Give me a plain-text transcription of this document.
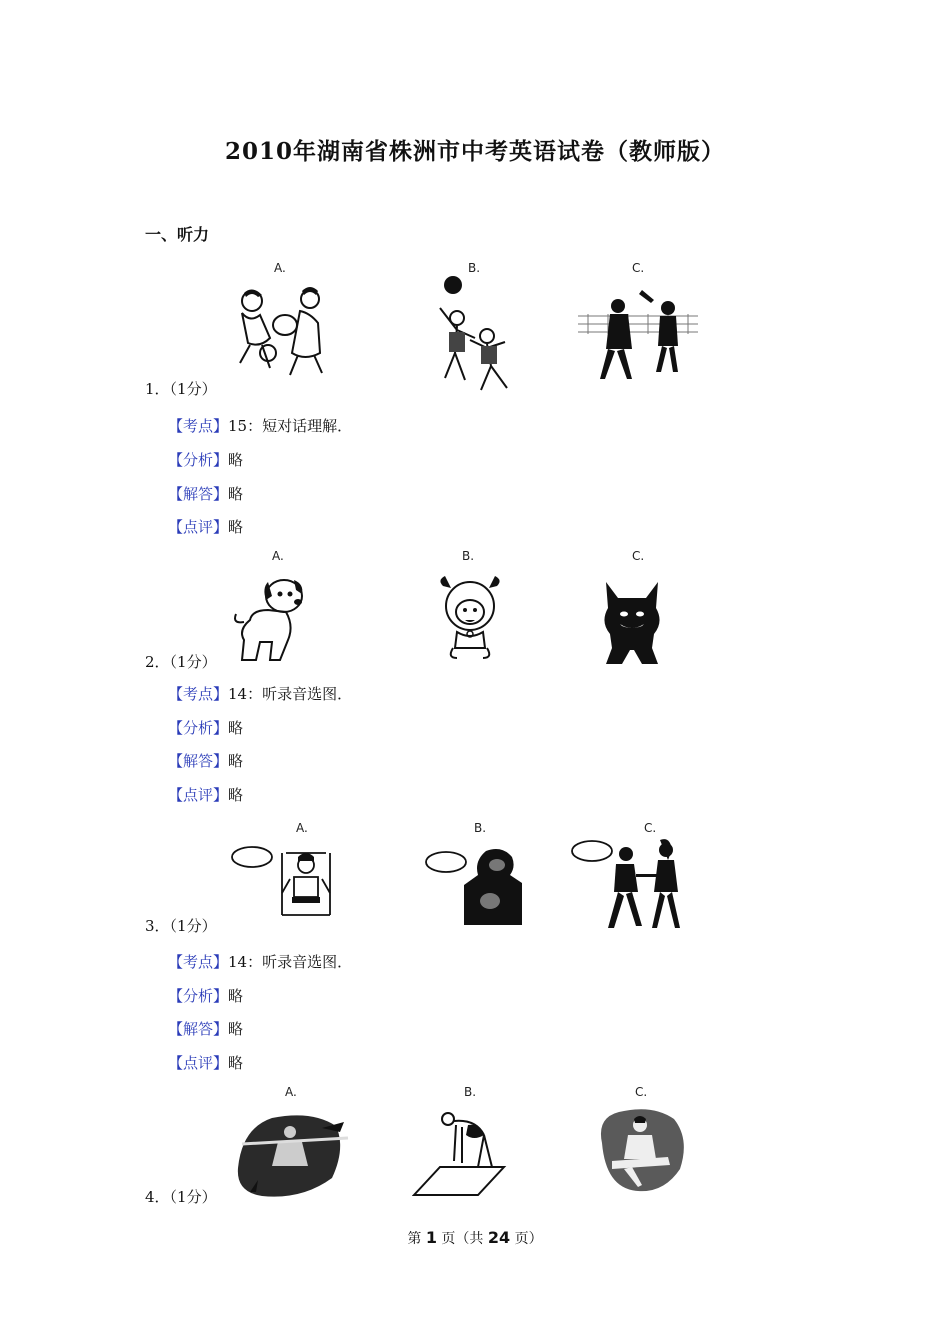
2010年湖南省株洲市中考英语试卷（教师版）
一、听力
A.	B.	C.
1．（1分）
【考点】15：短对话理解．
【分析】略
【解答】略
【点评】略
A.	B.	C.
2．（1分）
【考点】14：听录音选图．
【分析】略
【解答】略
【点评】略
A.	B.	C.
3．（1分）
【考点】14：听录音选图．
【分析】略
【解答】略
【点评】略
A.	B.	C.
4．（1分）
第 1 页（共 24 页）
